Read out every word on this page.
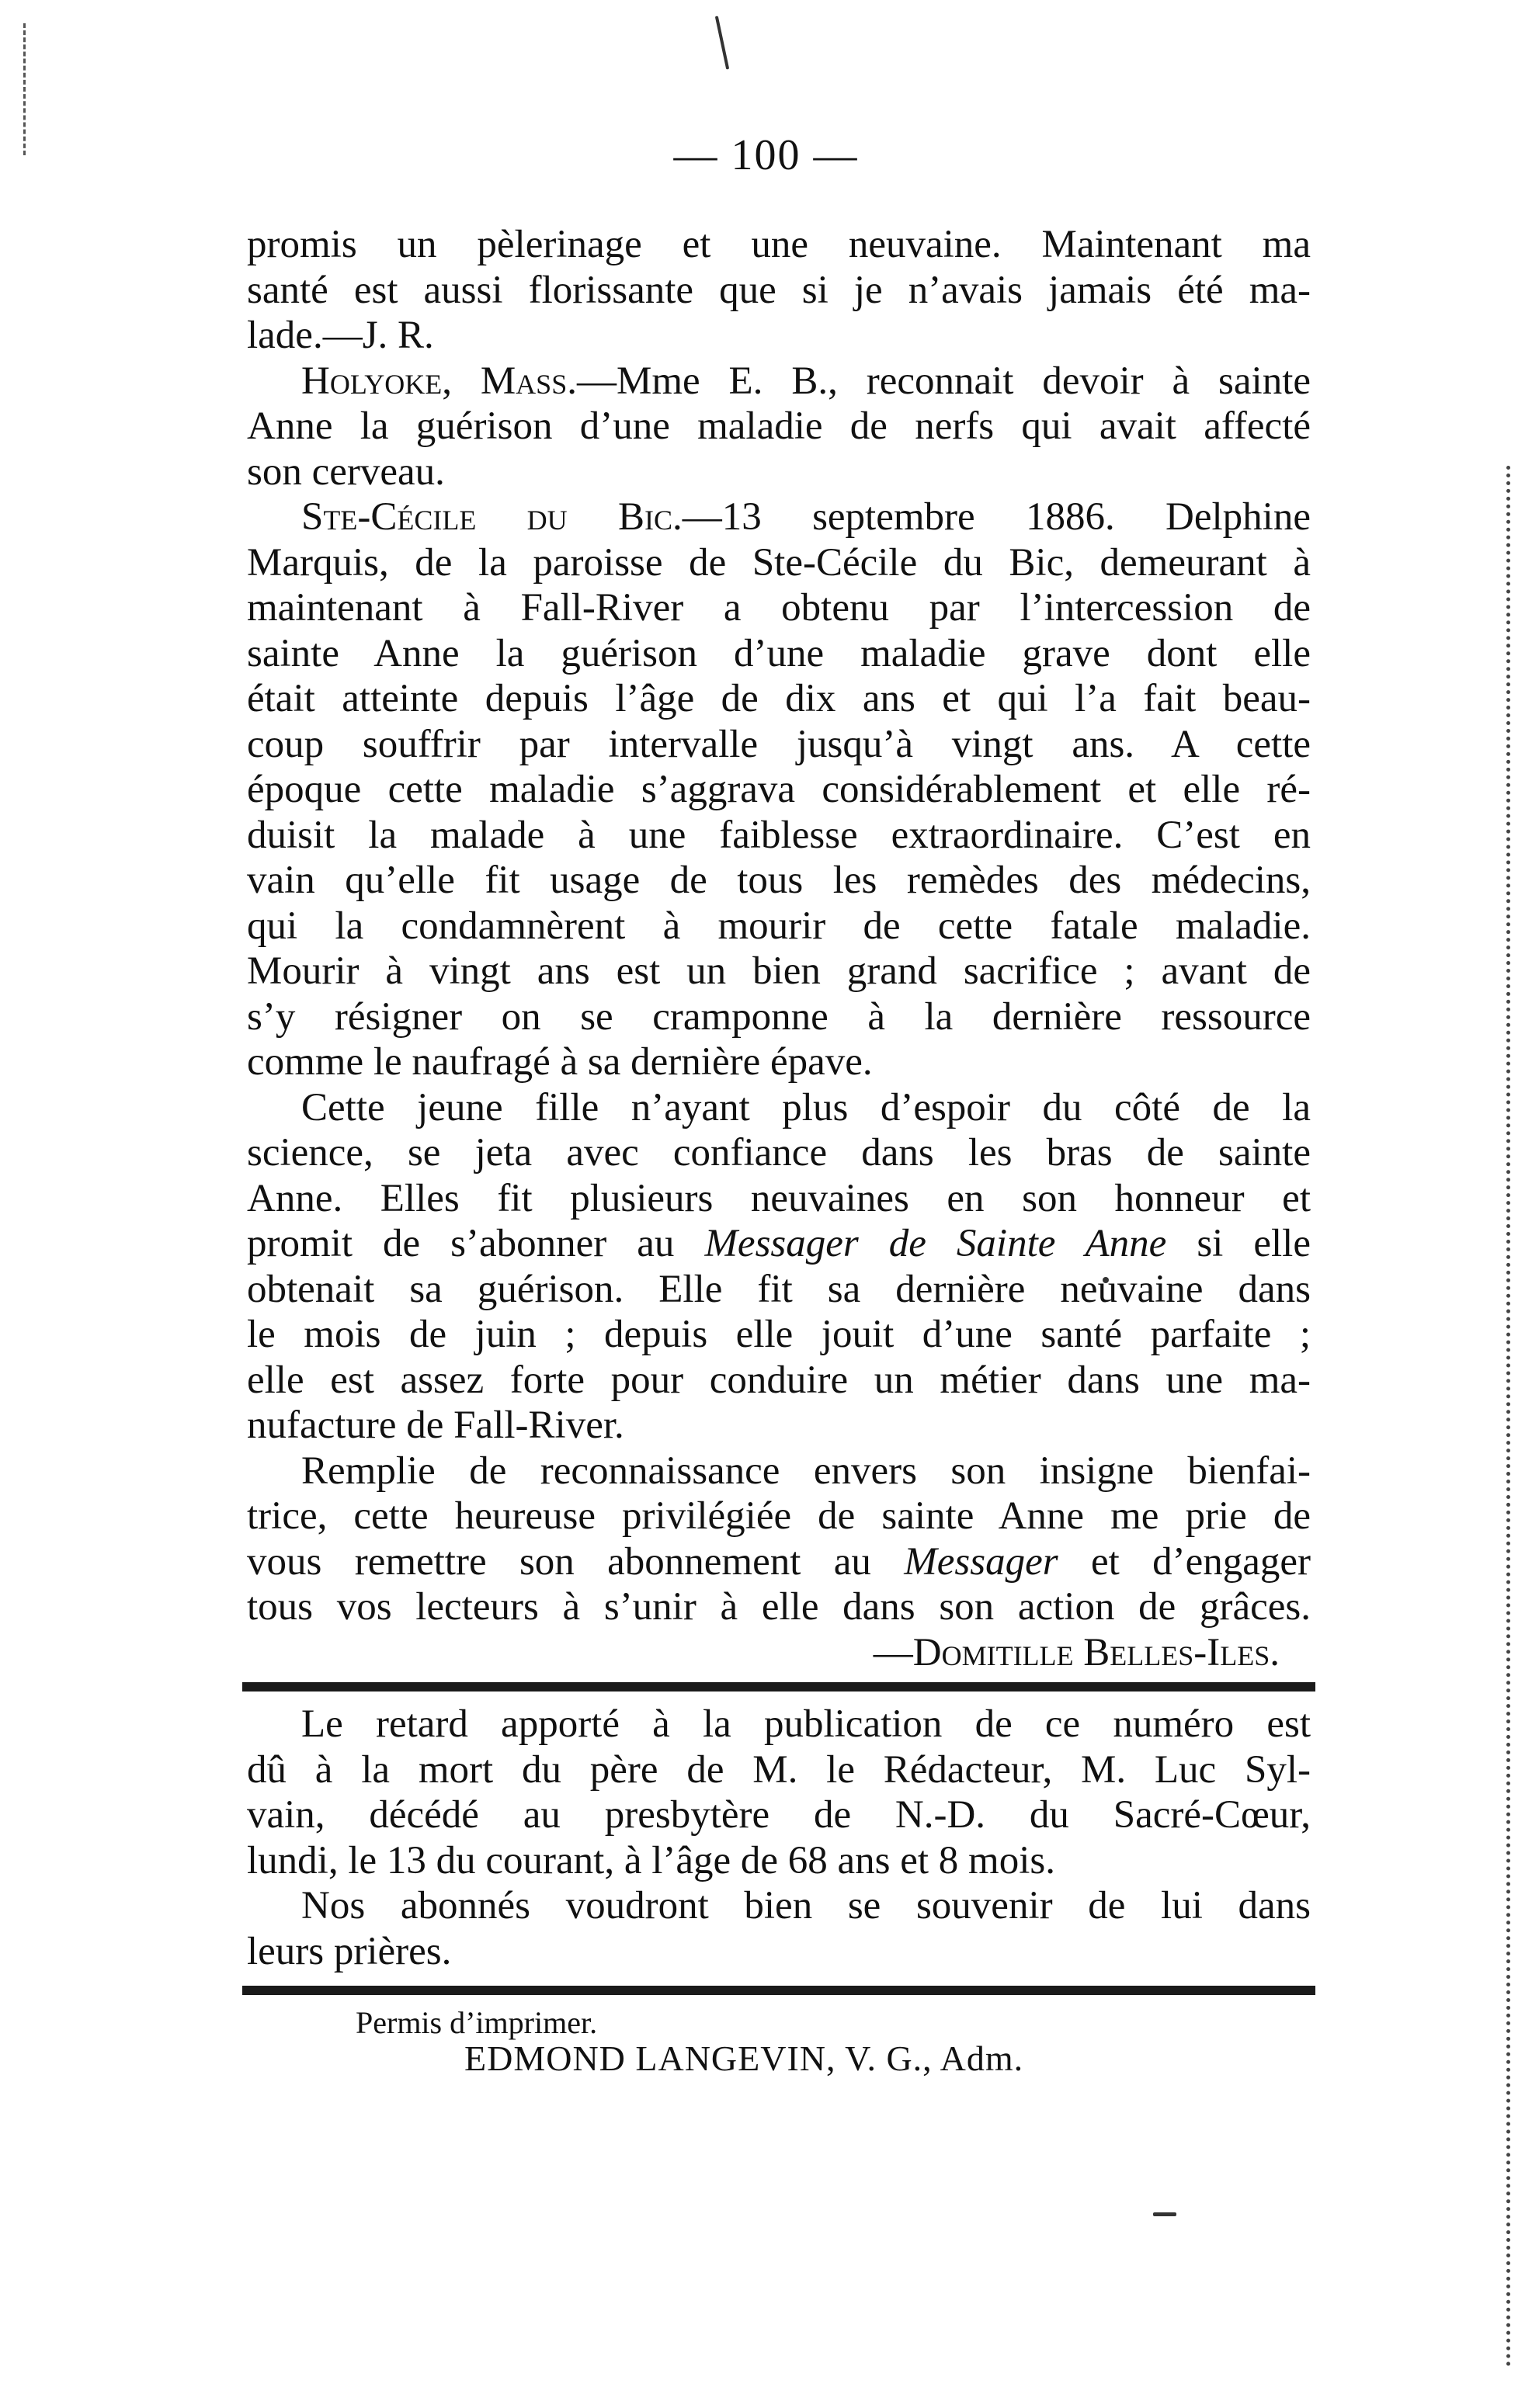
— 100 —
promis un pèlerinage et une neuvaine. Maintenant ma
santé est aussi florissante que si je n’avais jamais été ma-
lade.—J. R.
Holyoke, Mass.—Mme E. B., reconnait devoir à sainte
Anne la guérison d’une maladie de nerfs qui avait affecté
son cerveau.
Ste-Cécile du Bic.—13 septembre 1886. Delphine
Marquis, de la paroisse de Ste-Cécile du Bic, demeurant à
maintenant à Fall-River a obtenu par l’intercession de
sainte Anne la guérison d’une maladie grave dont elle
était atteinte depuis l’âge de dix ans et qui l’a fait beau-
coup souffrir par intervalle jusqu’à vingt ans. A cette
époque cette maladie s’aggrava considérablement et elle ré-
duisit la malade à une faiblesse extraordinaire. C’est en
vain qu’elle fit usage de tous les remèdes des médecins,
qui la condamnèrent à mourir de cette fatale maladie.
Mourir à vingt ans est un bien grand sacrifice ; avant de
s’y résigner on se cramponne à la dernière ressource
comme le naufragé à sa dernière épave.
Cette jeune fille n’ayant plus d’espoir du côté de la
science, se jeta avec confiance dans les bras de sainte
Anne. Elles fit plusieurs neuvaines en son honneur et
promit de s’abonner au Messager de Sainte Anne si elle
obtenait sa guérison. Elle fit sa dernière neuvaine dans
le mois de juin ; depuis elle jouit d’une santé parfaite ;
elle est assez forte pour conduire un métier dans une ma-
nufacture de Fall-River.
Remplie de reconnaissance envers son insigne bienfai-
trice, cette heureuse privilégiée de sainte Anne me prie de
vous remettre son abonnement au Messager et d’engager
tous vos lecteurs à s’unir à elle dans son action de grâces.
—Domitille Belles-Iles.
Le retard apporté à la publication de ce numéro est
dû à la mort du père de M. le Rédacteur, M. Luc Syl-
vain, décédé au presbytère de N.-D. du Sacré-Cœur,
lundi, le 13 du courant, à l’âge de 68 ans et 8 mois.
Nos abonnés voudront bien se souvenir de lui dans
leurs prières.
Permis d’imprimer.
EDMOND LANGEVIN, V. G., Adm.
